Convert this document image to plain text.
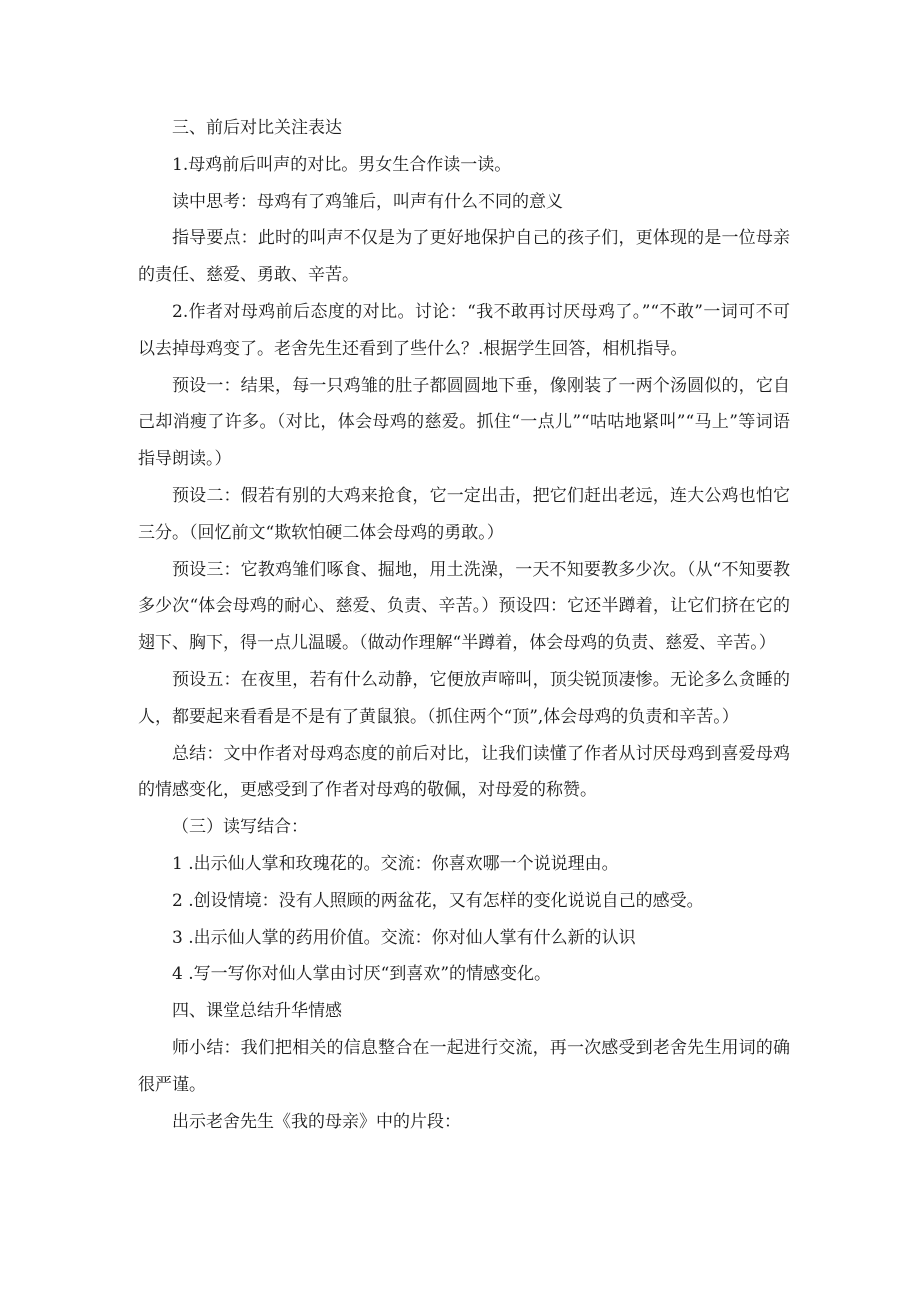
三、前后对比关注表达

1.母鸡前后叫声的对比。男女生合作读一读。

读中思考：母鸡有了鸡雏后，叫声有什么不同的意义

指导要点：此时的叫声不仅是为了更好地保护自己的孩子们，更体现的是一位母亲的责任、慈爱、勇敢、辛苦。

2.作者对母鸡前后态度的对比。讨论：“我不敢再讨厌母鸡了。”“不敢”一词可不可以去掉母鸡变了。老舍先生还看到了些什么？.根据学生回答，相机指导。

预设一：结果，每一只鸡雏的肚子都圆圆地下垂，像刚装了一两个汤圆似的，它自己却消瘦了许多。（对比，体会母鸡的慈爱。抓住“一点儿”“咕咕地紧叫”“马上”等词语指导朗读。）

预设二：假若有别的大鸡来抢食，它一定出击，把它们赶出老远，连大公鸡也怕它三分。（回忆前文“欺软怕硬二体会母鸡的勇敢。）

预设三：它教鸡雏们啄食、掘地，用土洗澡，一天不知要教多少次。（从“不知要教多少次“体会母鸡的耐心、慈爱、负责、辛苦。）预设四：它还半蹲着，让它们挤在它的翅下、胸下，得一点儿温暖。（做动作理解“半蹲着，体会母鸡的负责、慈爱、辛苦。）

预设五：在夜里，若有什么动静，它便放声啼叫，顶尖锐顶凄惨。无论多么贪睡的人，都要起来看看是不是有了黄鼠狼。（抓住两个“顶”,体会母鸡的负责和辛苦。）

总结：文中作者对母鸡态度的前后对比，让我们读懂了作者从讨厌母鸡到喜爱母鸡的情感变化，更感受到了作者对母鸡的敬佩，对母爱的称赞。

（三）读写结合：

1 .出示仙人掌和玫瑰花的。交流：你喜欢哪一个说说理由。

2 .创设情境：没有人照顾的两盆花，又有怎样的变化说说自己的感受。

3 .出示仙人掌的药用价值。交流：你对仙人掌有什么新的认识

4 .写一写你对仙人掌由讨厌“到喜欢”的情感变化。

四、课堂总结升华情感

师小结：我们把相关的信息整合在一起进行交流，再一次感受到老舍先生用词的确很严谨。

出示老舍先生《我的母亲》中的片段：
